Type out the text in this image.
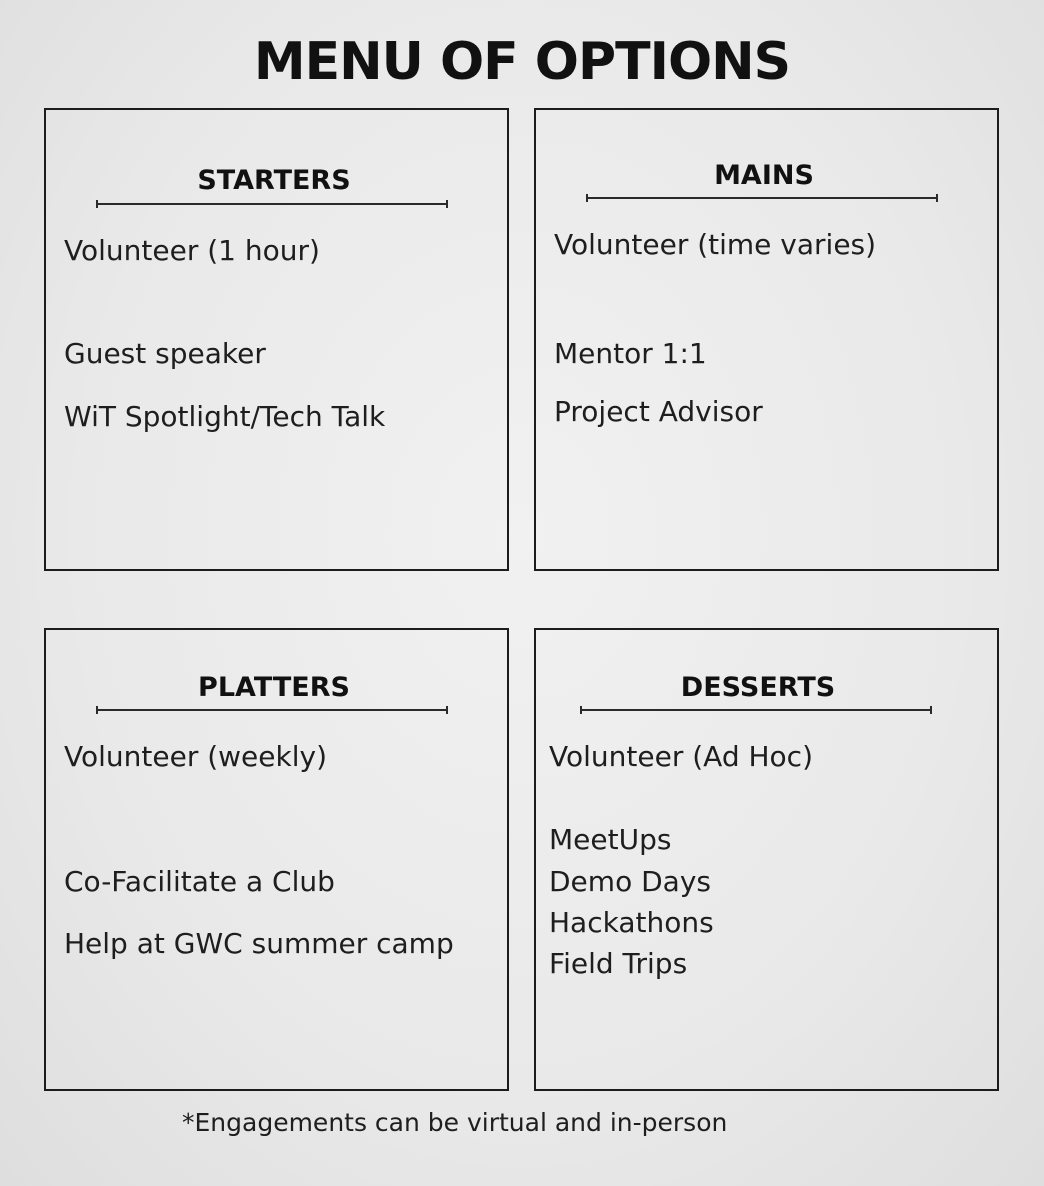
MENU OF OPTIONS
STARTERS
Volunteer (1 hour)
Guest speaker
WiT Spotlight/Tech Talk
MAINS
Volunteer (time varies)
Mentor 1:1
Project Advisor
PLATTERS
Volunteer (weekly)
Co-Facilitate a Club
Help at GWC summer camp
DESSERTS
Volunteer (Ad Hoc)
MeetUps
Demo Days
Hackathons
Field Trips
*Engagements can be virtual and in-person
